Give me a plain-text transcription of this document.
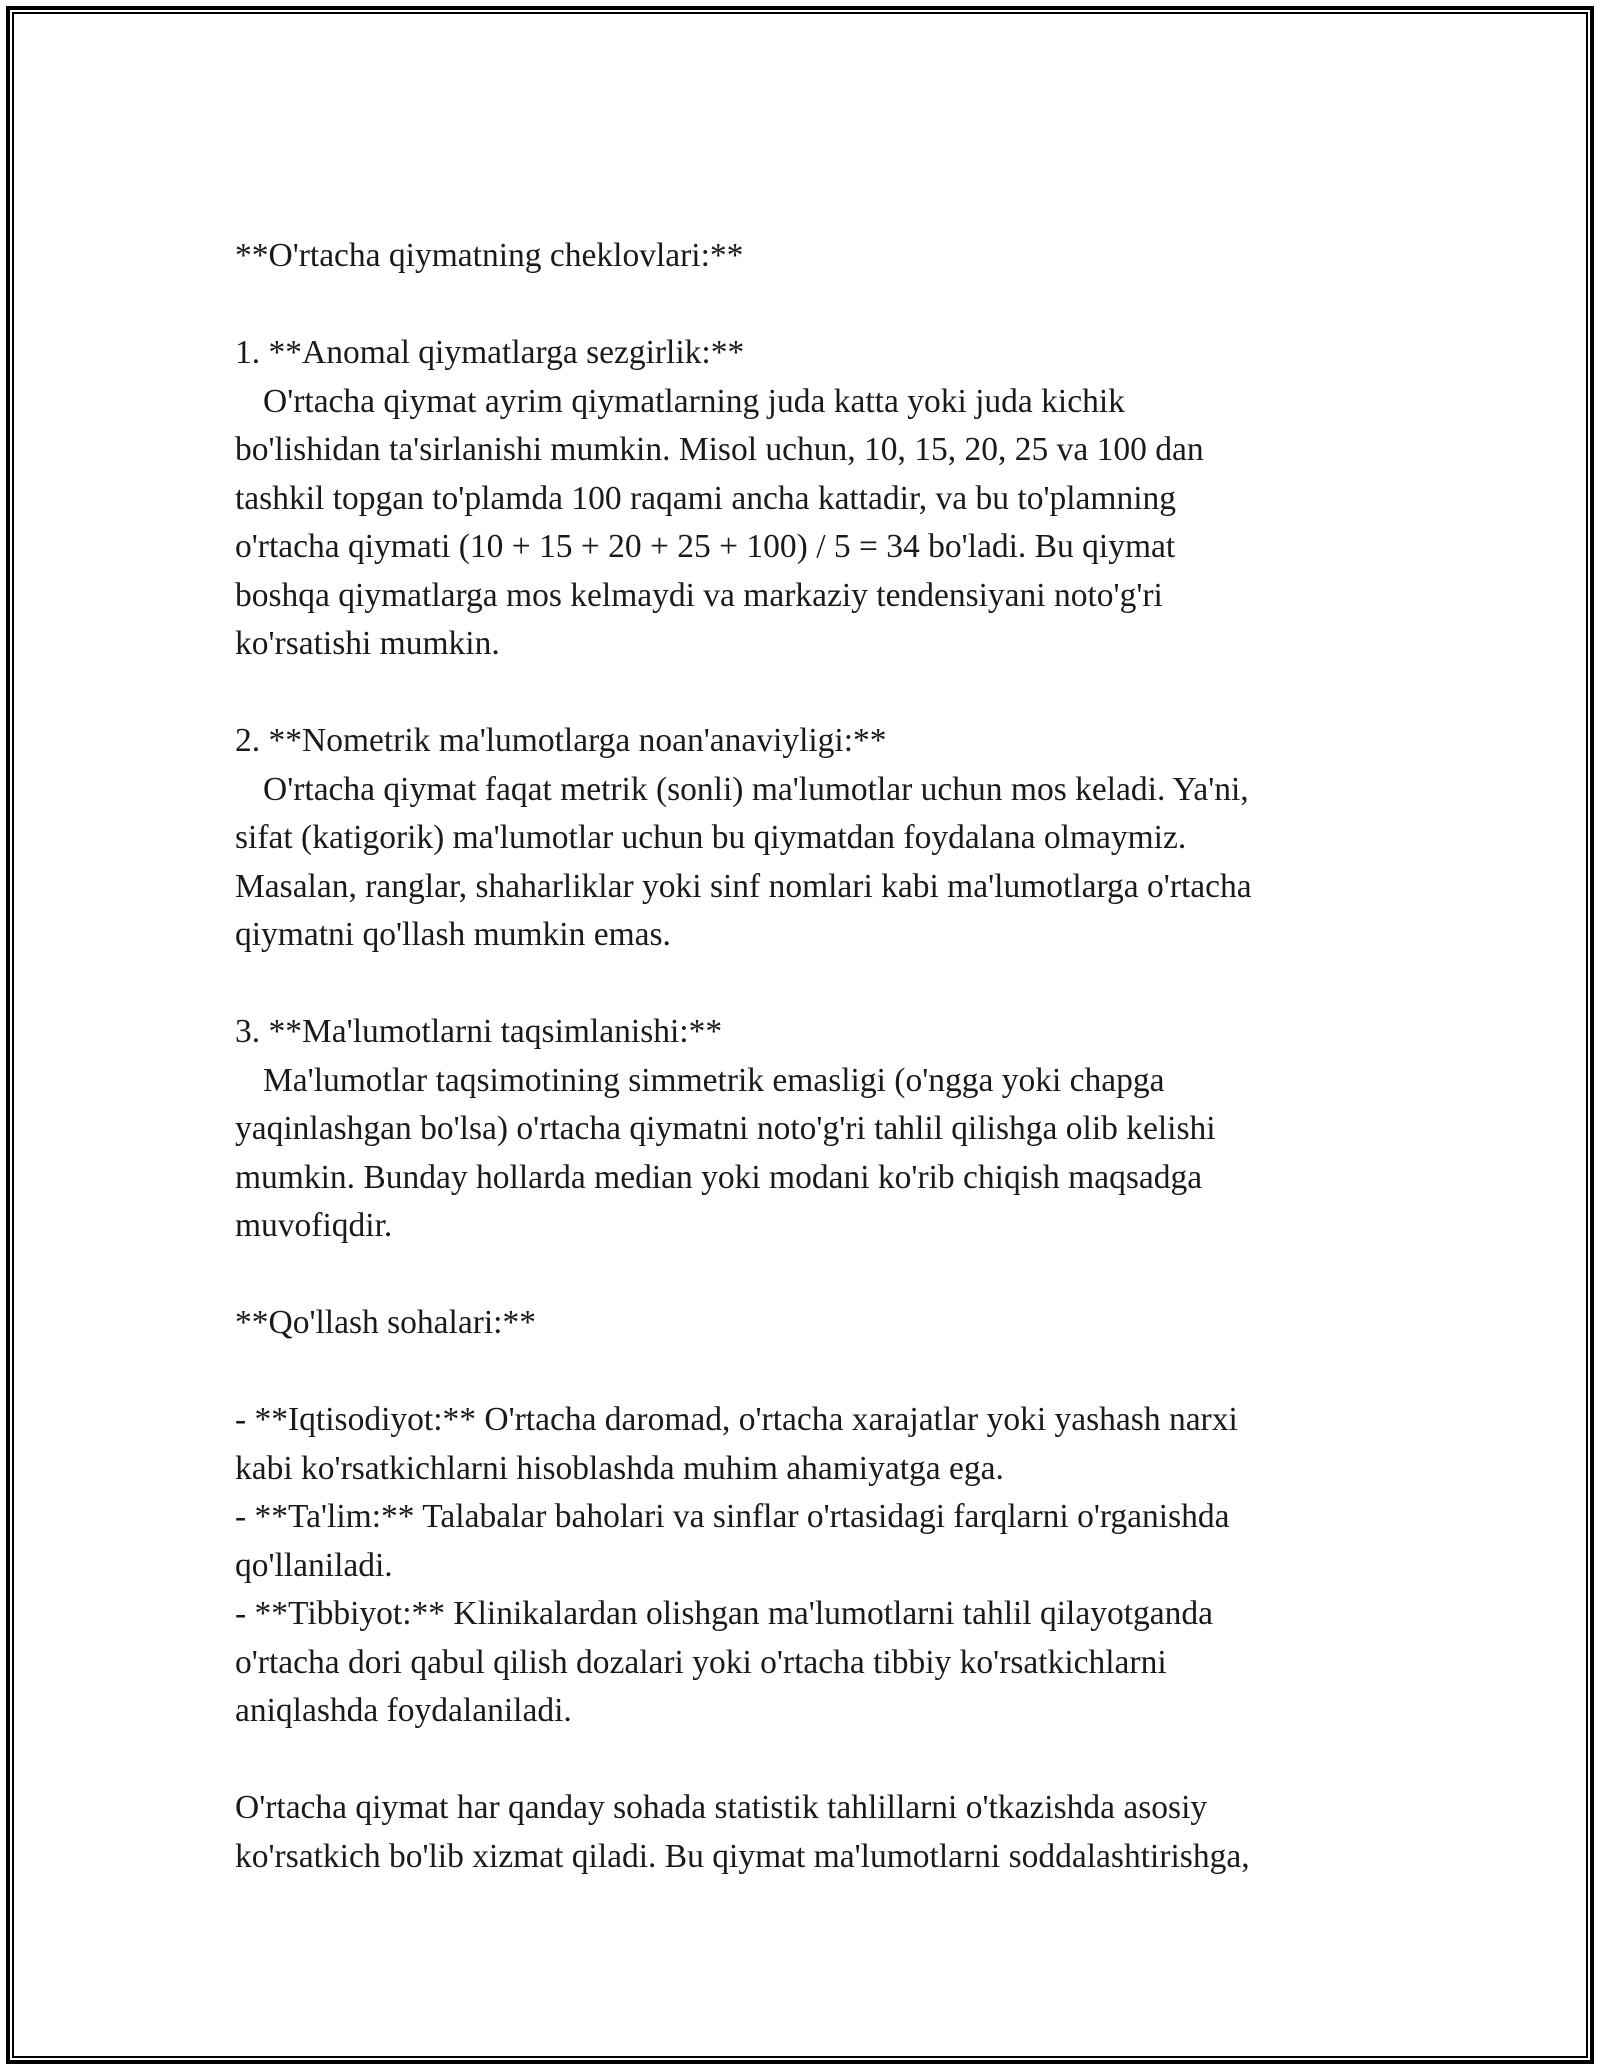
**O'rtacha qiymatning cheklovlari:**
1. **Anomal qiymatlarga sezgirlik:**
O'rtacha qiymat ayrim qiymatlarning juda katta yoki juda kichik
bo'lishidan ta'sirlanishi mumkin. Misol uchun, 10, 15, 20, 25 va 100 dan
tashkil topgan to'plamda 100 raqami ancha kattadir, va bu to'plamning
o'rtacha qiymati (10 + 15 + 20 + 25 + 100) / 5 = 34 bo'ladi. Bu qiymat
boshqa qiymatlarga mos kelmaydi va markaziy tendensiyani noto'g'ri
ko'rsatishi mumkin.
2. **Nometrik ma'lumotlarga noan'anaviyligi:**
O'rtacha qiymat faqat metrik (sonli) ma'lumotlar uchun mos keladi. Ya'ni,
sifat (katigorik) ma'lumotlar uchun bu qiymatdan foydalana olmaymiz.
Masalan, ranglar, shaharliklar yoki sinf nomlari kabi ma'lumotlarga o'rtacha
qiymatni qo'llash mumkin emas.
3. **Ma'lumotlarni taqsimlanishi:**
Ma'lumotlar taqsimotining simmetrik emasligi (o'ngga yoki chapga
yaqinlashgan bo'lsa) o'rtacha qiymatni noto'g'ri tahlil qilishga olib kelishi
mumkin. Bunday hollarda median yoki modani ko'rib chiqish maqsadga
muvofiqdir.
**Qo'llash sohalari:**
- **Iqtisodiyot:** O'rtacha daromad, o'rtacha xarajatlar yoki yashash narxi
kabi ko'rsatkichlarni hisoblashda muhim ahamiyatga ega.
- **Ta'lim:** Talabalar baholari va sinflar o'rtasidagi farqlarni o'rganishda
qo'llaniladi.
- **Tibbiyot:** Klinikalardan olishgan ma'lumotlarni tahlil qilayotganda
o'rtacha dori qabul qilish dozalari yoki o'rtacha tibbiy ko'rsatkichlarni
aniqlashda foydalaniladi.
O'rtacha qiymat har qanday sohada statistik tahlillarni o'tkazishda asosiy
ko'rsatkich bo'lib xizmat qiladi. Bu qiymat ma'lumotlarni soddalashtirishga,
